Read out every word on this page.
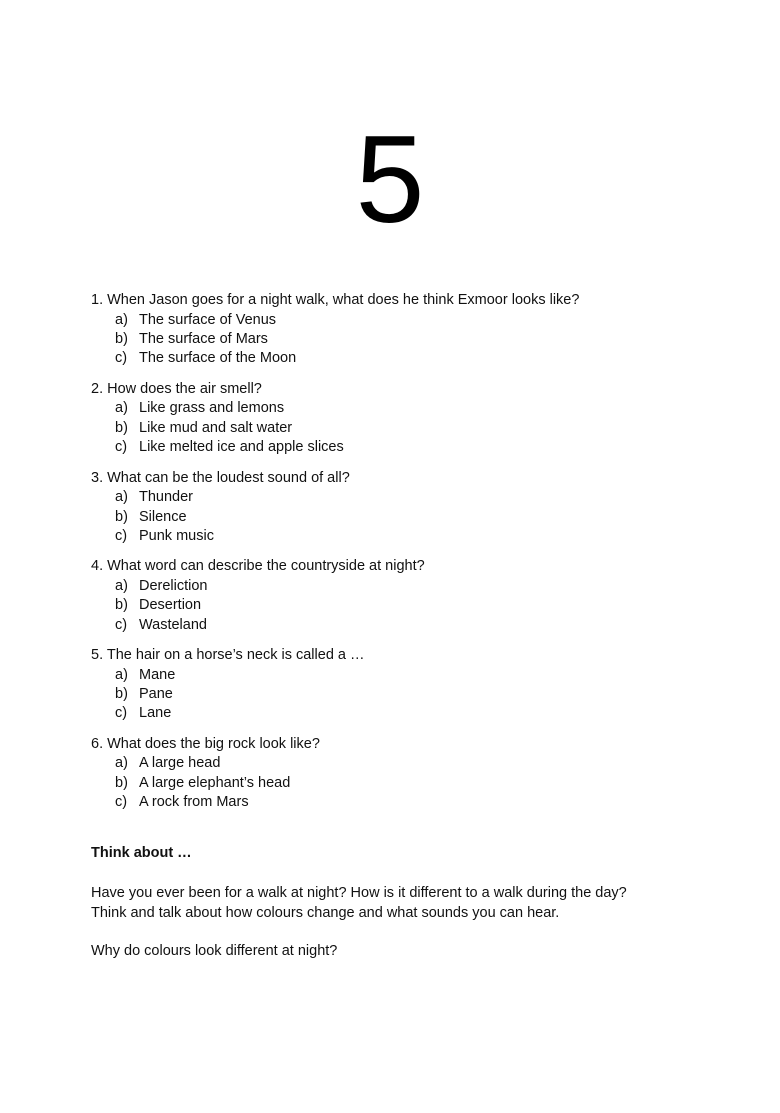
5
1. When Jason goes for a night walk, what does he think Exmoor looks like?
a) The surface of Venus
b) The surface of Mars
c) The surface of the Moon
2. How does the air smell?
a) Like grass and lemons
b) Like mud and salt water
c) Like melted ice and apple slices
3. What can be the loudest sound of all?
a) Thunder
b) Silence
c) Punk music
4. What word can describe the countryside at night?
a) Dereliction
b) Desertion
c) Wasteland
5. The hair on a horse’s neck is called a …
a) Mane
b) Pane
c) Lane
6. What does the big rock look like?
a) A large head
b) A large elephant’s head
c) A rock from Mars
Think about …
Have you ever been for a walk at night? How is it different to a walk during the day?
Think and talk about how colours change and what sounds you can hear.
Why do colours look different at night?
